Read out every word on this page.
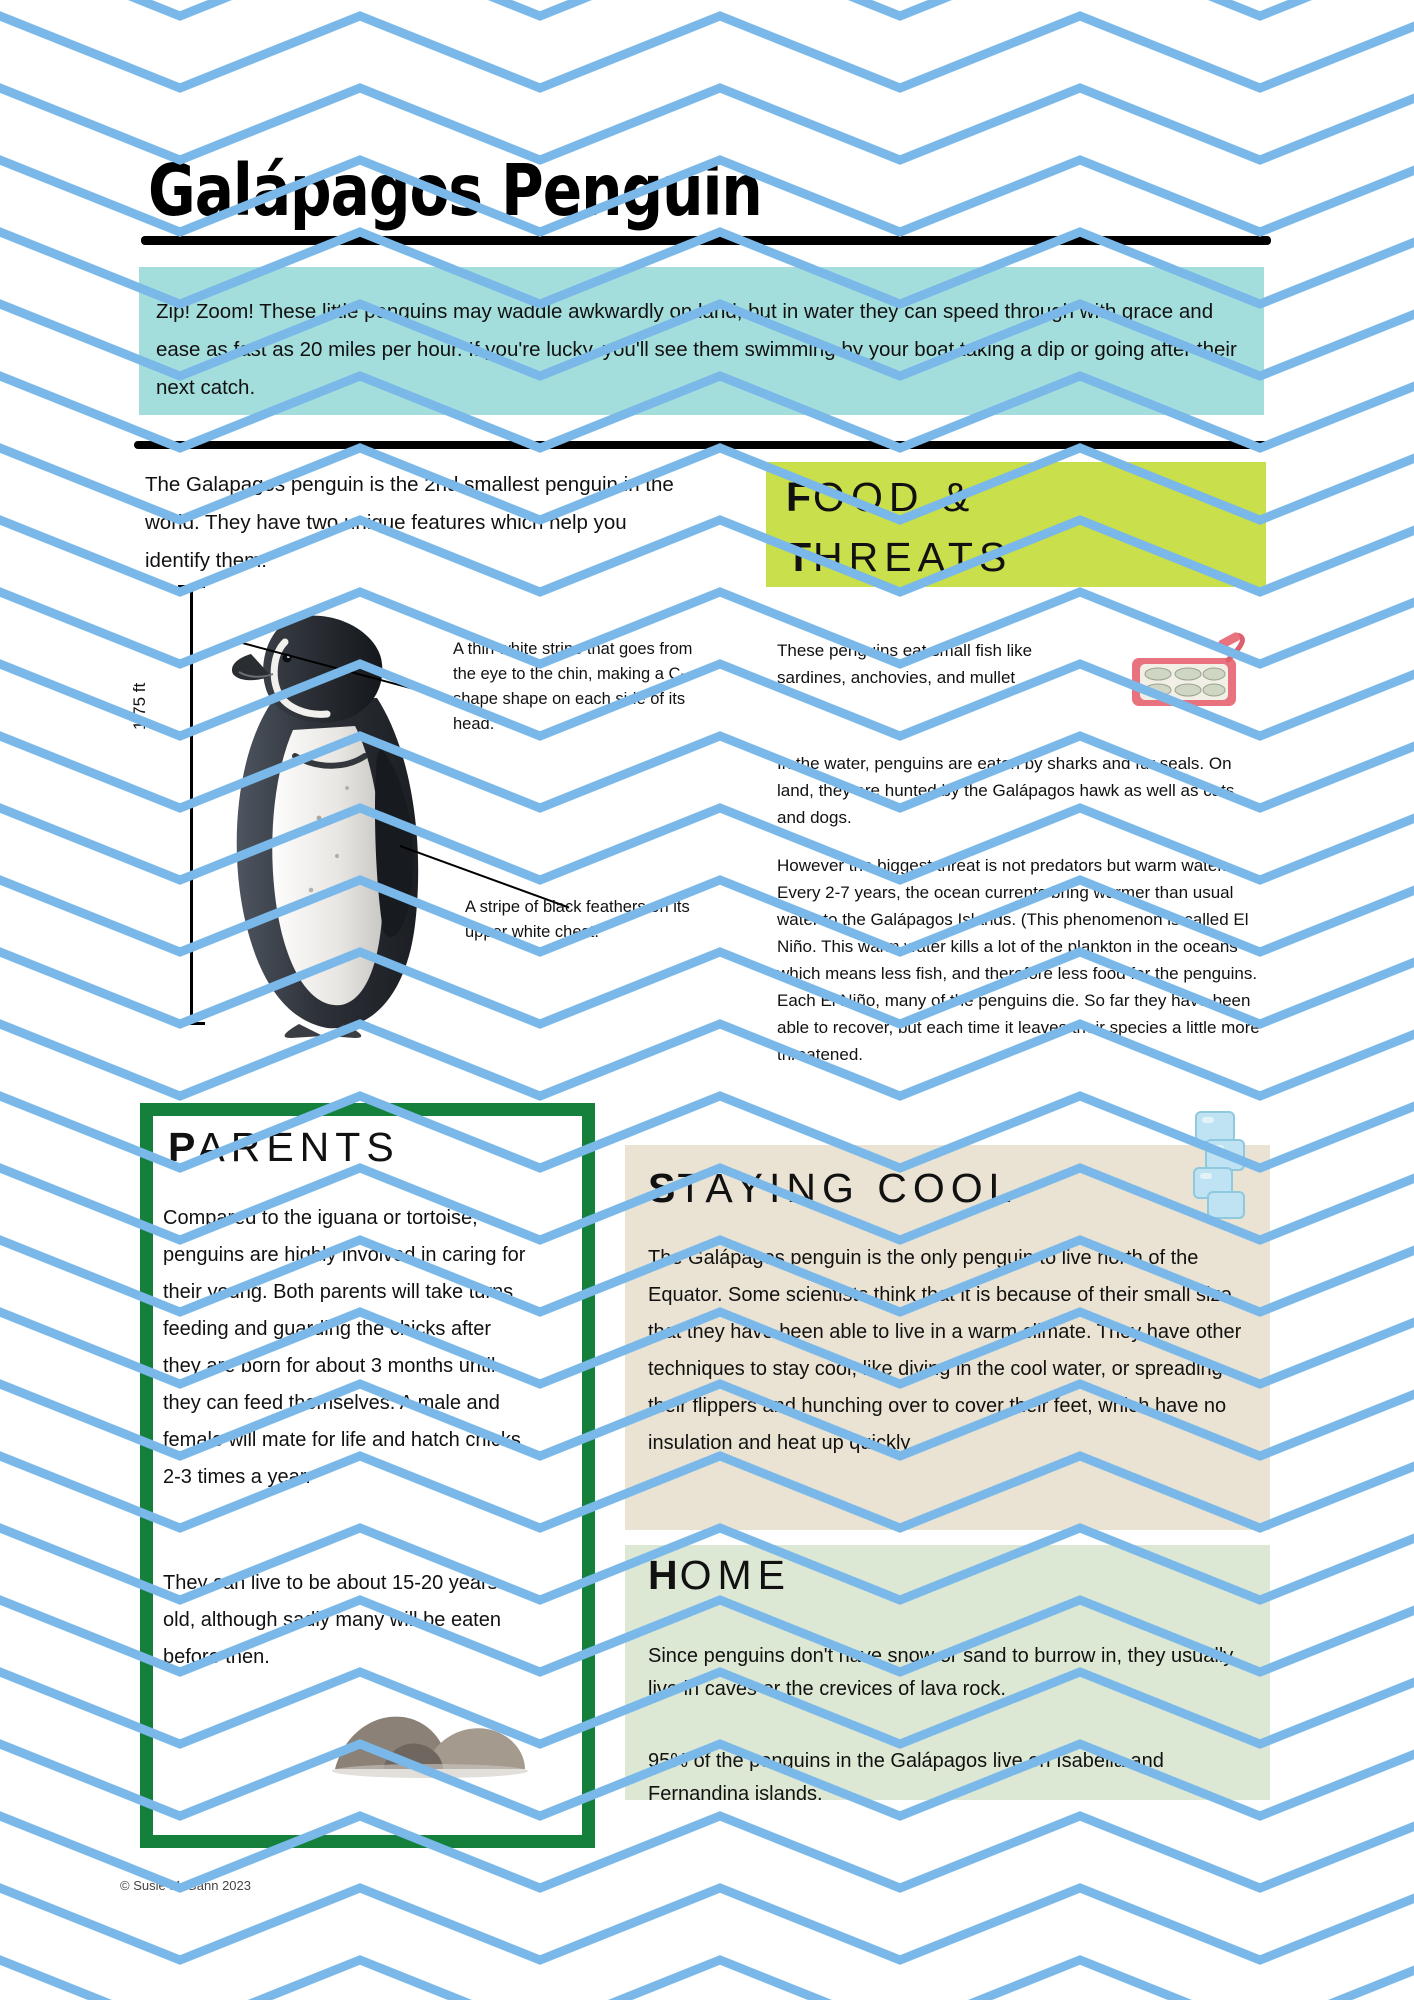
Galápagos Penguin
Zip! Zoom! These little penguins may waddle awkwardly on land, but in water they can speed through with grace and ease as fast as 20 miles per hour. If you're lucky, you'll see them swimming by your boat taking a dip or going after their next catch.
The Galapagos penguin is the 2nd smallest penguin in the world. They have two unique features which help you identify them:
1.75 ft
A thin white stripe that goes from the eye to the chin, making a C-shape shape on each side of its head.
A stripe of black feathers on its upper white chest.
FOOD &
THREATS
These penguins eat small fish like sardines, anchovies, and mullet
In the water, penguins are eaten by sharks and fur seals. On land, they are hunted by the Galápagos hawk as well as cats and dogs.
However the biggest threat is not predators but warm water. Every 2-7 years, the ocean currents bring warmer than usual water to the Galápagos Islands. (This phenomenon is called El Niño. This warm water kills a lot of the plankton in the oceans which means less fish, and therefore less food for the penguins. Each El Niño, many of the penguins die. So far they have been able to recover, but each time it leaves their species a little more threatened.
PARENTS
Compared to the iguana or tortoise, penguins are highly involved in caring for their young. Both parents will take turns feeding and guarding the chicks after they are born for about 3 months until they can feed themselves. A male and female will mate for life and hatch chicks 2-3 times a year.
They can live to be about 15-20 years old, although sadly many will be eaten before then.
STAYING COOL
The Galápagos penguin is the only penguin to live north of the Equator. Some scientists think that it is because of their small size that they have been able to live in a warm climate. They have other techniques to stay cool, like diving in the cool water, or spreading their flippers and hunching over to cover their feet, which have no insulation and heat up quickly.
HOME
Since penguins don't have snow or sand to burrow in, they usually live in caves or the crevices of lava rock.
95% of the penguins in the Galápagos live on Isabella and Fernandina islands.
© Susie McGann 2023
